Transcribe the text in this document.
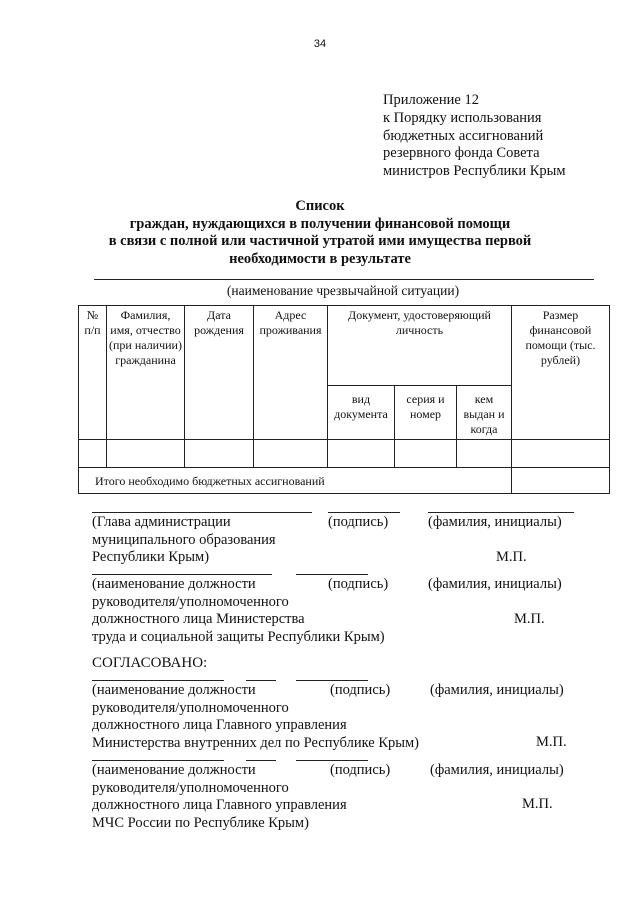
34
Приложение 12
к Порядку использования
бюджетных ассигнований
резервного фонда Совета
министров Республики Крым
Список
граждан, нуждающихся в получении финансовой помощи
в связи с полной или частичной утратой ими имущества первой
необходимости в результате
(наименование чрезвычайной ситуации)
№ п/п	Фамилия, имя, отчество (при наличии) гражданина	Дата рождения	Адрес проживания	Документ, удостоверяющий личность			Размер финансовой помощи (тыс. рублей)
				вид документа	серия и номер	кем выдан и когда	

Итого необходимо бюджетных ассигнований							
(Глава администрации
муниципального образования
Республики Крым)
(подпись)	(фамилия, инициалы)
М.П.
(наименование должности
руководителя/уполномоченного
должностного лица Министерства
труда и социальной защиты Республики Крым)
(подпись)	(фамилия, инициалы)
М.П.
СОГЛАСОВАНО:
(наименование должности
руководителя/уполномоченного
должностного лица Главного управления
Министерства внутренних дел по Республике Крым)
(подпись)	(фамилия, инициалы)
М.П.
(наименование должности
руководителя/уполномоченного
должностного лица Главного управления
МЧС России по Республике Крым)
(подпись)	(фамилия, инициалы)
М.П.
